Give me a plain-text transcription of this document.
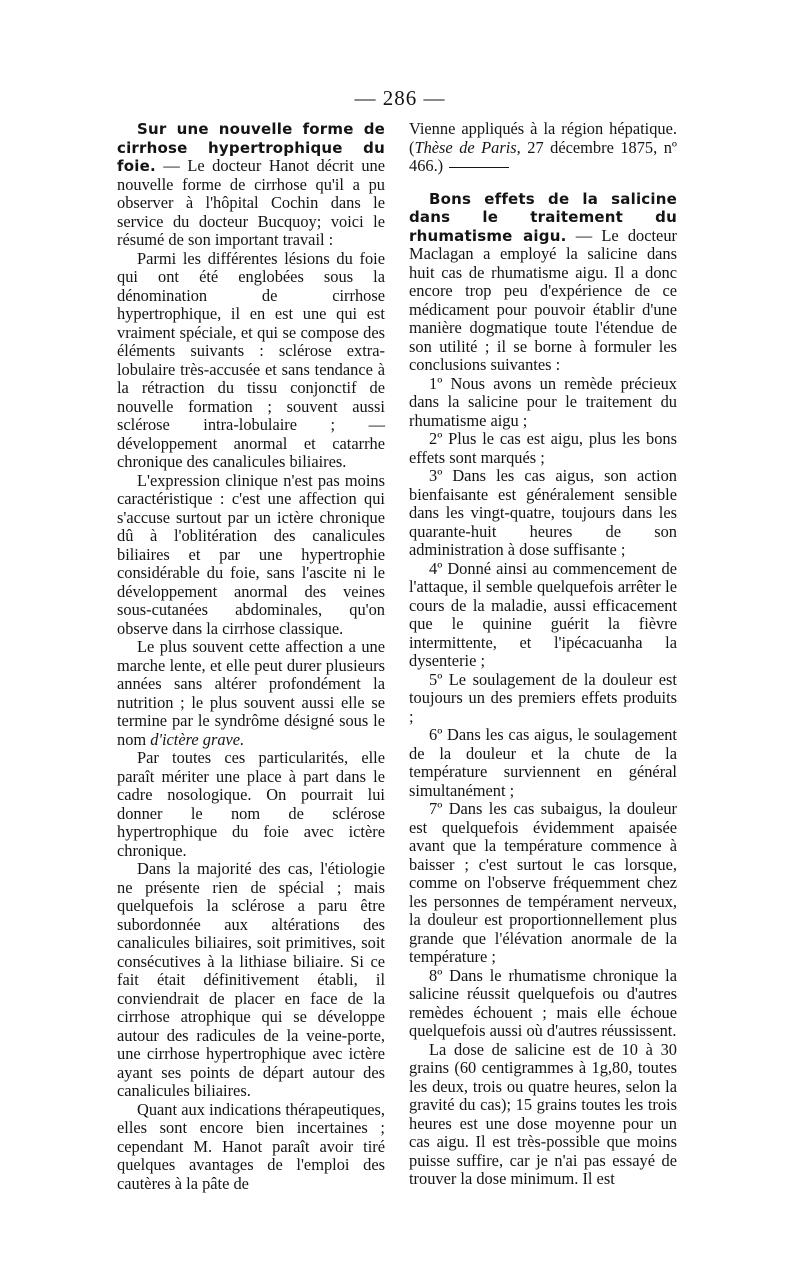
— 286 —

Sur une nouvelle forme de cirrhose hypertrophique du foie. — Le docteur Hanot décrit une nouvelle forme de cirrhose qu'il a pu observer à l'hôpital Cochin dans le service du docteur Bucquoy; voici le résumé de son important travail :

Parmi les différentes lésions du foie qui ont été englobées sous la dénomination de cirrhose hypertrophique, il en est une qui est vraiment spéciale, et qui se compose des éléments suivants : sclérose extra-lobulaire très-accusée et sans tendance à la rétraction du tissu conjonctif de nouvelle formation ; souvent aussi sclérose intra-lobulaire ; — développement anormal et catarrhe chronique des canalicules biliaires.

L'expression clinique n'est pas moins caractéristique : c'est une affection qui s'accuse surtout par un ictère chronique dû à l'oblitération des canalicules biliaires et par une hypertrophie considérable du foie, sans l'ascite ni le développement anormal des veines sous-cutanées abdominales, qu'on observe dans la cirrhose classique.

Le plus souvent cette affection a une marche lente, et elle peut durer plusieurs années sans altérer profondément la nutrition ; le plus souvent aussi elle se termine par le syndrôme désigné sous le nom d'ictère grave.

Par toutes ces particularités, elle paraît mériter une place à part dans le cadre nosologique. On pourrait lui donner le nom de sclérose hypertrophique du foie avec ictère chronique.

Dans la majorité des cas, l'étiologie ne présente rien de spécial ; mais quelquefois la sclérose a paru être subordonnée aux altérations des canalicules biliaires, soit primitives, soit consécutives à la lithiase biliaire. Si ce fait était définitivement établi, il conviendrait de placer en face de la cirrhose atrophique qui se développe autour des radicules de la veine-porte, une cirrhose hypertrophique avec ictère ayant ses points de départ autour des canalicules biliaires.

Quant aux indications thérapeutiques, elles sont encore bien incertaines ; cependant M. Hanot paraît avoir tiré quelques avantages de l'emploi des cautères à la pâte de

Vienne appliqués à la région hépatique. (Thèse de Paris, 27 décembre 1875, nº 466.)

Bons effets de la salicine dans le traitement du rhumatisme aigu. — Le docteur Maclagan a employé la salicine dans huit cas de rhumatisme aigu. Il a donc encore trop peu d'expérience de ce médicament pour pouvoir établir d'une manière dogmatique toute l'étendue de son utilité ; il se borne à formuler les conclusions suivantes :

1º Nous avons un remède précieux dans la salicine pour le traitement du rhumatisme aigu ;

2º Plus le cas est aigu, plus les bons effets sont marqués ;

3º Dans les cas aigus, son action bienfaisante est généralement sensible dans les vingt-quatre, toujours dans les quarante-huit heures de son administration à dose suffisante ;

4º Donné ainsi au commencement de l'attaque, il semble quelquefois arrêter le cours de la maladie, aussi efficacement que le quinine guérit la fièvre intermittente, et l'ipécacuanha la dysenterie ;

5º Le soulagement de la douleur est toujours un des premiers effets produits ;

6º Dans les cas aigus, le soulagement de la douleur et la chute de la température surviennent en général simultanément ;

7º Dans les cas subaigus, la douleur est quelquefois évidemment apaisée avant que la température commence à baisser ; c'est surtout le cas lorsque, comme on l'observe fréquemment chez les personnes de tempérament nerveux, la douleur est proportionnellement plus grande que l'élévation anormale de la température ;

8º Dans le rhumatisme chronique la salicine réussit quelquefois ou d'autres remèdes échouent ; mais elle échoue quelquefois aussi où d'autres réussissent.

La dose de salicine est de 10 à 30 grains (60 centigrammes à 1g,80, toutes les deux, trois ou quatre heures, selon la gravité du cas); 15 grains toutes les trois heures est une dose moyenne pour un cas aigu. Il est très-possible que moins puisse suffire, car je n'ai pas essayé de trouver la dose minimum. Il est
